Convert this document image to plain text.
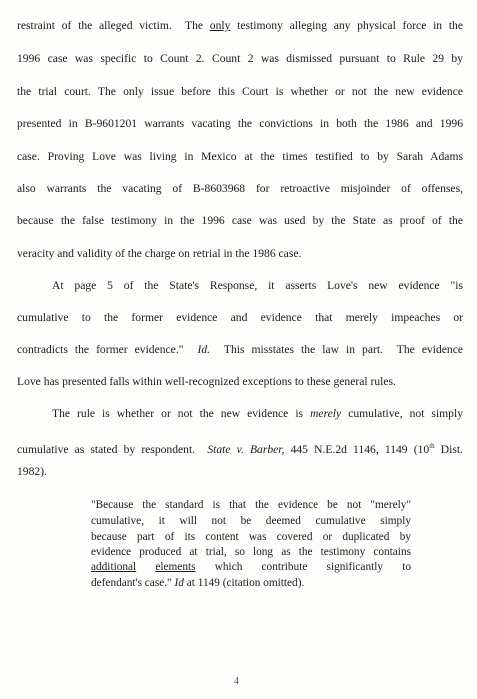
restraint of the alleged victim.  The only testimony alleging any physical force in the
1996 case was specific to Count 2. Count 2 was dismissed pursuant to Rule 29 by
the trial court. The only issue before this Court is whether or not the new evidence
presented in B-9601201 warrants vacating the convictions in both the 1986 and 1996
case. Proving Love was living in Mexico at the times testified to by Sarah Adams
also warrants the vacating of B-8603968 for retroactive misjoinder of offenses,
because the false testimony in the 1996 case was used by the State as proof of the
veracity and validity of the charge on retrial in the 1986 case.
At page 5 of the State's Response, it asserts Love's new evidence "is
cumulative to the former evidence and evidence that merely impeaches or
contradicts the former evidence."  Id.  This misstates the law in part.  The evidence
Love has presented falls within well-recognized exceptions to these general rules.
The rule is whether or not the new evidence is merely cumulative, not simply
cumulative as stated by respondent.  State v. Barber, 445 N.E.2d 1146, 1149 (10th Dist.
1982).
"Because the standard is that the evidence be not "merely"
cumulative, it will not be deemed cumulative simply
because part of its content was covered or duplicated by
evidence produced at trial, so long as the testimony contains
additional elements which contribute significantly to
defendant's case." Id at 1149 (citation omitted).
4
